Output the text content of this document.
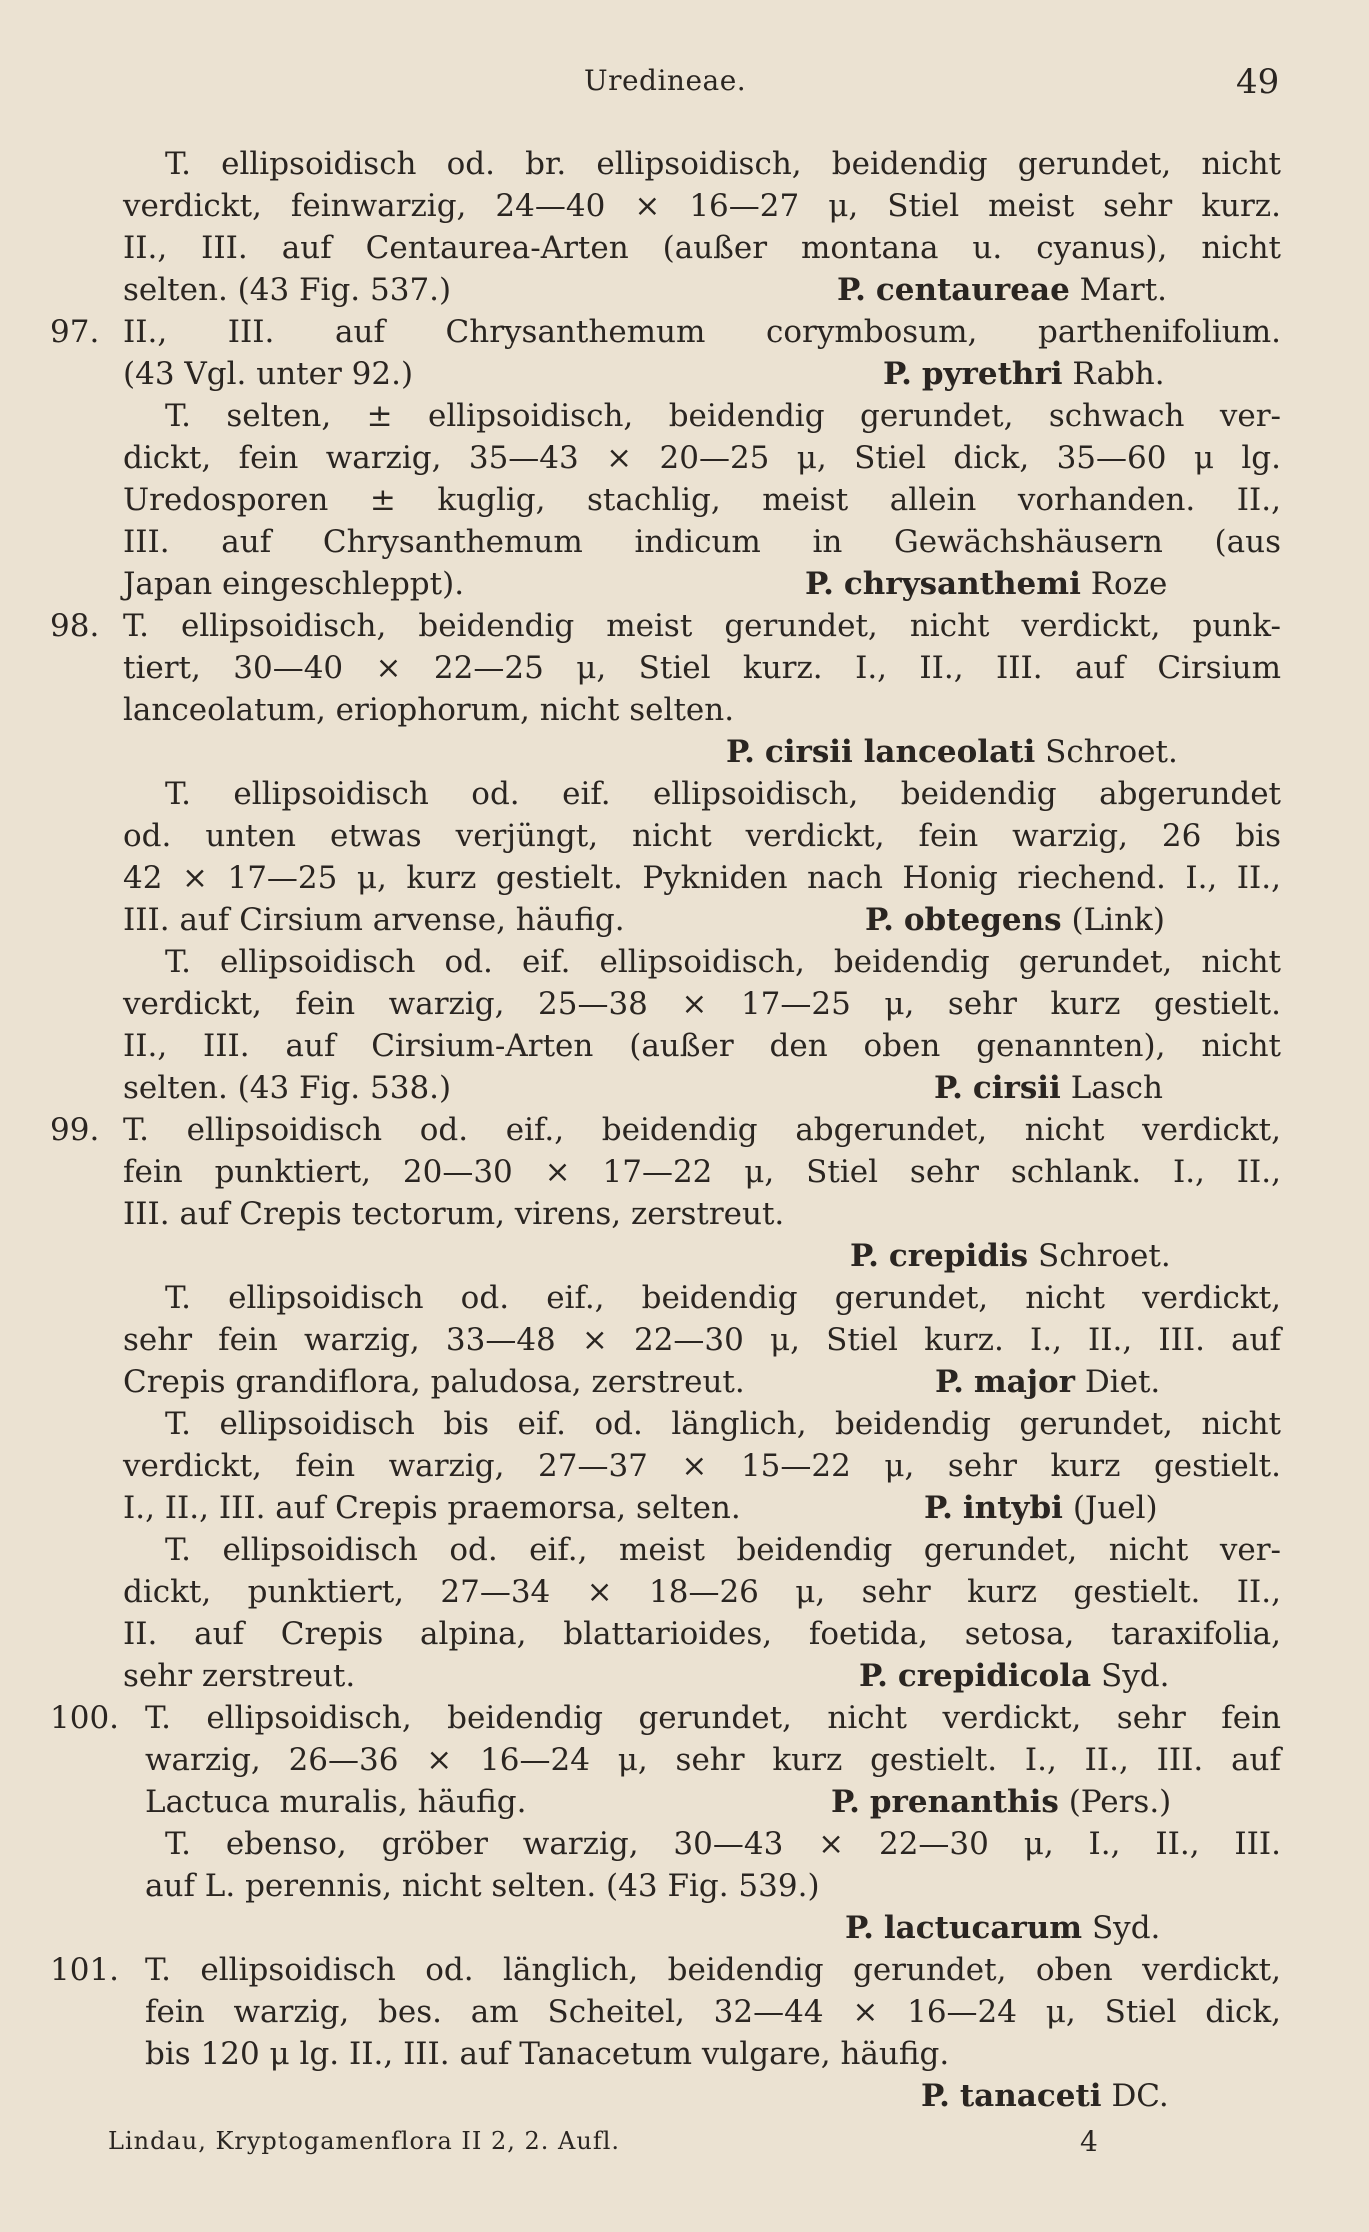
Uredineae.	49
T. ellipsoidisch od. br. ellipsoidisch, beidendig gerundet, nicht
verdickt, feinwarzig, 24—40 × 16—27 μ, Stiel meist sehr kurz.
II., III. auf Centaurea-Arten (außer montana u. cyanus), nicht
selten. (43 Fig. 537.)	P. centaureae Mart.
97. II., III. auf Chrysanthemum corymbosum, parthenifolium.
(43 Vgl. unter 92.)	P. pyrethri Rabh.
T. selten, ± ellipsoidisch, beidendig gerundet, schwach ver-
dickt, fein warzig, 35—43 × 20—25 μ, Stiel dick, 35—60 μ lg.
Uredosporen ± kuglig, stachlig, meist allein vorhanden. II.,
III. auf Chrysanthemum indicum in Gewächshäusern (aus
Japan eingeschleppt).	P. chrysanthemi Roze
98. T. ellipsoidisch, beidendig meist gerundet, nicht verdickt, punk-
tiert, 30—40 × 22—25 μ, Stiel kurz. I., II., III. auf Cirsium
lanceolatum, eriophorum, nicht selten.
P. cirsii lanceolati Schroet.
T. ellipsoidisch od. eif. ellipsoidisch, beidendig abgerundet
od. unten etwas verjüngt, nicht verdickt, fein warzig, 26 bis
42 × 17—25 μ, kurz gestielt. Pykniden nach Honig riechend. I., II.,
III. auf Cirsium arvense, häufig.	P. obtegens (Link)
T. ellipsoidisch od. eif. ellipsoidisch, beidendig gerundet, nicht
verdickt, fein warzig, 25—38 × 17—25 μ, sehr kurz gestielt.
II., III. auf Cirsium-Arten (außer den oben genannten), nicht
selten. (43 Fig. 538.)	P. cirsii Lasch
99. T. ellipsoidisch od. eif., beidendig abgerundet, nicht verdickt,
fein punktiert, 20—30 × 17—22 μ, Stiel sehr schlank. I., II.,
III. auf Crepis tectorum, virens, zerstreut.
P. crepidis Schroet.
T. ellipsoidisch od. eif., beidendig gerundet, nicht verdickt,
sehr fein warzig, 33—48 × 22—30 μ, Stiel kurz. I., II., III. auf
Crepis grandiflora, paludosa, zerstreut.	P. major Diet.
T. ellipsoidisch bis eif. od. länglich, beidendig gerundet, nicht
verdickt, fein warzig, 27—37 × 15—22 μ, sehr kurz gestielt.
I., II., III. auf Crepis praemorsa, selten.	P. intybi (Juel)
T. ellipsoidisch od. eif., meist beidendig gerundet, nicht ver-
dickt, punktiert, 27—34 × 18—26 μ, sehr kurz gestielt. II.,
II. auf Crepis alpina, blattarioides, foetida, setosa, taraxifolia,
sehr zerstreut.	P. crepidicola Syd.
100. T. ellipsoidisch, beidendig gerundet, nicht verdickt, sehr fein
warzig, 26—36 × 16—24 μ, sehr kurz gestielt. I., II., III. auf
Lactuca muralis, häufig.	P. prenanthis (Pers.)
T. ebenso, gröber warzig, 30—43 × 22—30 μ, I., II., III.
auf L. perennis, nicht selten. (43 Fig. 539.)
P. lactucarum Syd.
101. T. ellipsoidisch od. länglich, beidendig gerundet, oben verdickt,
fein warzig, bes. am Scheitel, 32—44 × 16—24 μ, Stiel dick,
bis 120 μ lg. II., III. auf Tanacetum vulgare, häufig.
P. tanaceti DC.
Lindau, Kryptogamenflora II 2, 2. Aufl.	4
